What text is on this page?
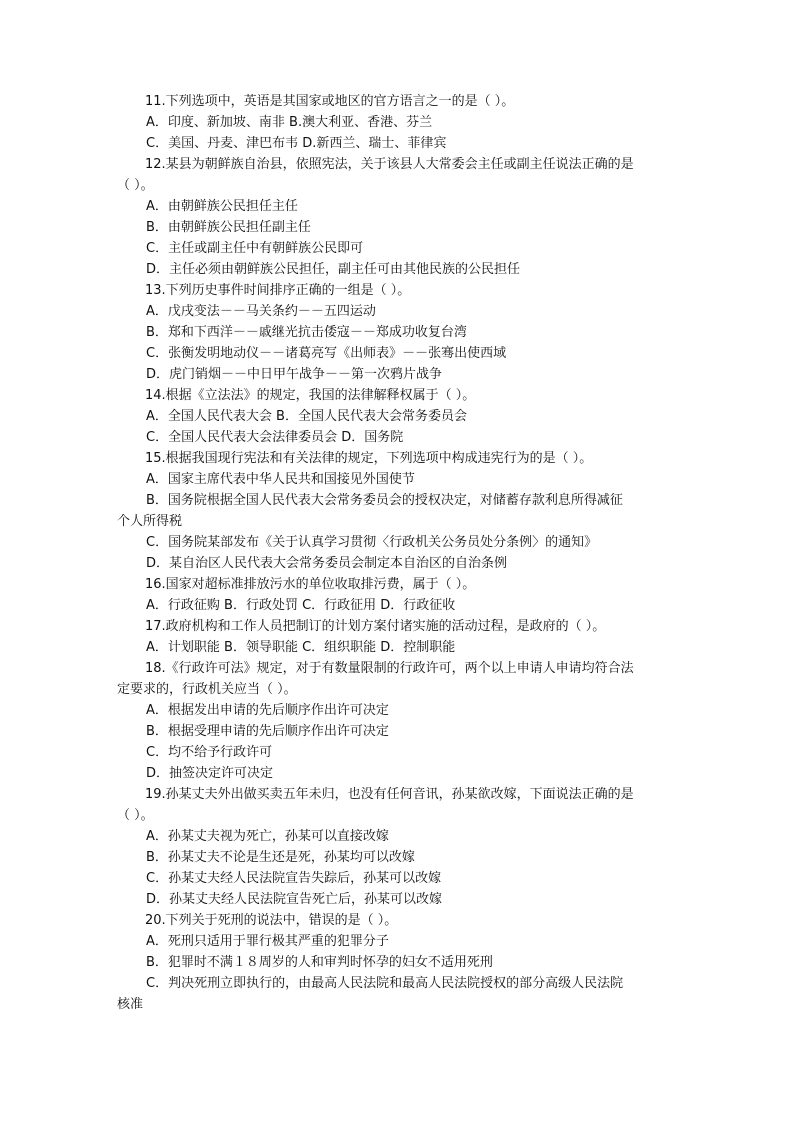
11.下列选项中，英语是其国家或地区的官方语言之一的是（ ）。
A．印度、新加坡、南非 B.澳大利亚、香港、芬兰
C．美国、丹麦、津巴布韦 D.新西兰、瑞士、菲律宾
12.某县为朝鲜族自治县，依照宪法，关于该县人大常委会主任或副主任说法正确的是
（ ）。
A．由朝鲜族公民担任主任
B．由朝鲜族公民担任副主任
C．主任或副主任中有朝鲜族公民即可
D．主任必须由朝鲜族公民担任，副主任可由其他民族的公民担任
13.下列历史事件时间排序正确的一组是（ ）。
A．戊戌变法－－马关条约－－五四运动
B．郑和下西洋－－戚继光抗击倭寇－－郑成功收复台湾
C．张衡发明地动仪－－诸葛亮写《出师表》－－张骞出使西域
D．虎门销烟－－中日甲午战争－－第一次鸦片战争
14.根据《立法法》的规定，我国的法律解释权属于（ ）。
A．全国人民代表大会 B．全国人民代表大会常务委员会
C．全国人民代表大会法律委员会 D．国务院
15.根据我国现行宪法和有关法律的规定，下列选项中构成违宪行为的是（ ）。
A．国家主席代表中华人民共和国接见外国使节
B．国务院根据全国人民代表大会常务委员会的授权决定，对储蓄存款利息所得减征
个人所得税
C．国务院某部发布《关于认真学习贯彻〈行政机关公务员处分条例〉的通知》
D．某自治区人民代表大会常务委员会制定本自治区的自治条例
16.国家对超标准排放污水的单位收取排污费，属于（ ）。
A．行政征购 B．行政处罚 C．行政征用 D．行政征收
17.政府机构和工作人员把制订的计划方案付诸实施的活动过程，是政府的（ ）。
A．计划职能 B．领导职能 C．组织职能 D．控制职能
18.《行政许可法》规定，对于有数量限制的行政许可，两个以上申请人申请均符合法
定要求的，行政机关应当（ ）。
A．根据发出申请的先后顺序作出许可决定
B．根据受理申请的先后顺序作出许可决定
C．均不给予行政许可
D．抽签决定许可决定
19.孙某丈夫外出做买卖五年未归，也没有任何音讯，孙某欲改嫁，下面说法正确的是
（ ）。
A．孙某丈夫视为死亡，孙某可以直接改嫁
B．孙某丈夫不论是生还是死，孙某均可以改嫁
C．孙某丈夫经人民法院宣告失踪后，孙某可以改嫁
D．孙某丈夫经人民法院宣告死亡后，孙某可以改嫁
20.下列关于死刑的说法中，错误的是（ ）。
A．死刑只适用于罪行极其严重的犯罪分子
B．犯罪时不满１８周岁的人和审判时怀孕的妇女不适用死刑
C．判决死刑立即执行的，由最高人民法院和最高人民法院授权的部分高级人民法院
核准
